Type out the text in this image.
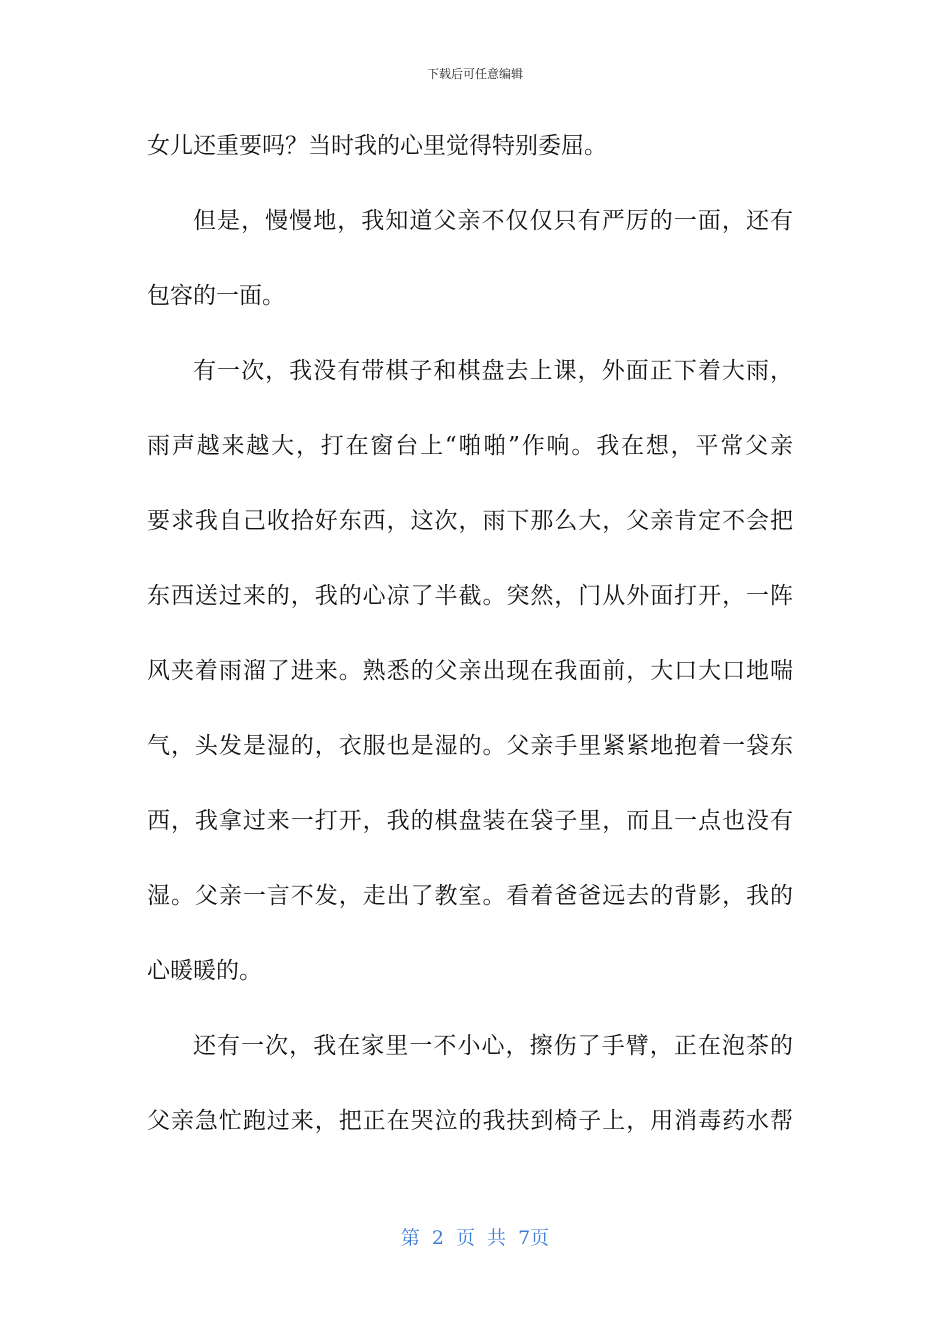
下载后可任意编辑
女儿还重要吗？当时我的心里觉得特别委屈。
但是，慢慢地，我知道父亲不仅仅只有严厉的一面，还有
包容的一面。
有一次，我没有带棋子和棋盘去上课，外面正下着大雨，
雨声越来越大，打在窗台上“啪啪”作响。我在想，平常父亲
要求我自己收拾好东西，这次，雨下那么大，父亲肯定不会把
东西送过来的，我的心凉了半截。突然，门从外面打开，一阵
风夹着雨溜了进来。熟悉的父亲出现在我面前，大口大口地喘
气，头发是湿的，衣服也是湿的。父亲手里紧紧地抱着一袋东
西，我拿过来一打开，我的棋盘装在袋子里，而且一点也没有
湿。父亲一言不发，走出了教室。看着爸爸远去的背影，我的
心暖暖的。
还有一次，我在家里一不小心，擦伤了手臂，正在泡茶的
父亲急忙跑过来，把正在哭泣的我扶到椅子上，用消毒药水帮
第 2 页 共 7页
